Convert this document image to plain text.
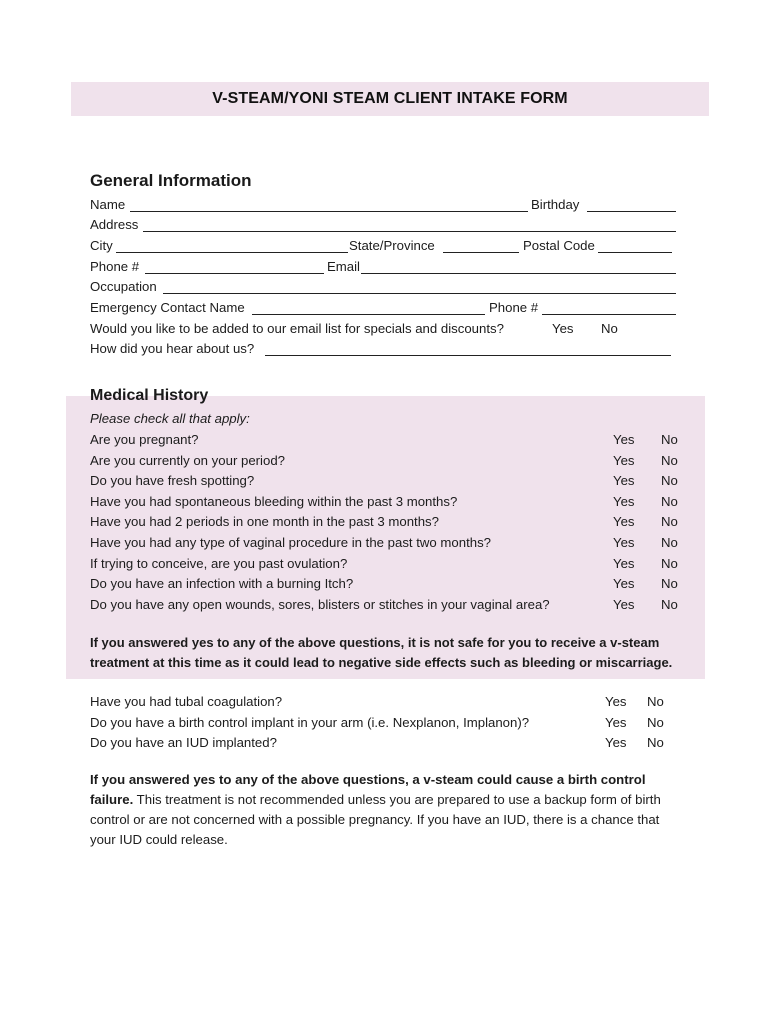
V-STEAM/YONI STEAM CLIENT INTAKE FORM
General Information
Name	Birthday
Address
City	State/Province	Postal Code
Phone #	Email
Occupation
Emergency Contact Name	Phone #
Would you like to be added to our email list for specials and discounts?	Yes No
How did you hear about us?
Medical History
Please check all that apply:
Are you pregnant?	Yes No
Are you currently on your period?	Yes No
Do you have fresh spotting?	Yes No
Have you had spontaneous bleeding within the past 3 months?	Yes No
Have you had 2 periods in one month in the past 3 months?	Yes No
Have you had any type of vaginal procedure in the past two months?	Yes No
If trying to conceive, are you past ovulation?	Yes No
Do you have an infection with a burning Itch?	Yes No
Do you have any open wounds, sores, blisters or stitches in your vaginal area?	Yes No
If you answered yes to any of the above questions, it is not safe for you to receive a v-steam
treatment at this time as it could lead to negative side effects such as bleeding or miscarriage.
Have you had tubal coagulation?	Yes No
Do you have a birth control implant in your arm (i.e. Nexplanon, Implanon)?	Yes No
Do you have an IUD implanted?	Yes No
If you answered yes to any of the above questions, a v-steam could cause a birth control failure. This treatment is not recommended unless you are prepared to use a backup form of birth control or are not concerned with a possible pregnancy. If you have an IUD, there is a chance that your IUD could release.
